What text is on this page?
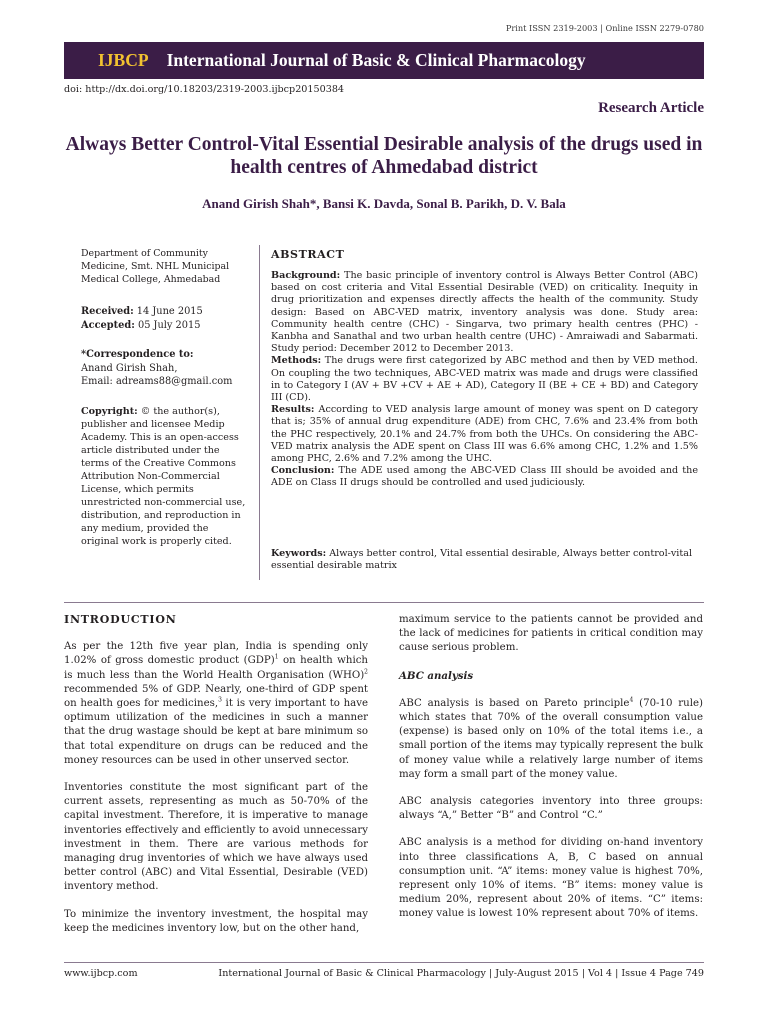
Print ISSN 2319-2003 | Online ISSN 2279-0780
IJBCP International Journal of Basic & Clinical Pharmacology
doi: http://dx.doi.org/10.18203/2319-2003.ijbcp20150384
Research Article
Always Better Control-Vital Essential Desirable analysis of the drugs used in health centres of Ahmedabad district
Anand Girish Shah*, Bansi K. Davda, Sonal B. Parikh, D. V. Bala
Department of Community Medicine, Smt. NHL Municipal Medical College, Ahmedabad
Received: 14 June 2015
Accepted: 05 July 2015
*Correspondence to:
Anand Girish Shah,
Email: adreams88@gmail.com
Copyright: © the author(s), publisher and licensee Medip Academy. This is an open-access article distributed under the terms of the Creative Commons Attribution Non-Commercial License, which permits unrestricted non-commercial use, distribution, and reproduction in any medium, provided the original work is properly cited.
ABSTRACT
Background: The basic principle of inventory control is Always Better Control (ABC) based on cost criteria and Vital Essential Desirable (VED) on criticality. Inequity in drug prioritization and expenses directly affects the health of the community. Study design: Based on ABC-VED matrix, inventory analysis was done. Study area: Community health centre (CHC) - Singarva, two primary health centres (PHC) - Kanbha and Sanathal and two urban health centre (UHC) - Amraiwadi and Sabarmati. Study period: December 2012 to December 2013.
Methods: The drugs were first categorized by ABC method and then by VED method. On coupling the two techniques, ABC-VED matrix was made and drugs were classified in to Category I (AV + BV +CV + AE + AD), Category II (BE + CE + BD) and Category III (CD).
Results: According to VED analysis large amount of money was spent on D category that is; 35% of annual drug expenditure (ADE) from CHC, 7.6% and 23.4% from both the PHC respectively, 20.1% and 24.7% from both the UHCs. On considering the ABC-VED matrix analysis the ADE spent on Class III was 6.6% among CHC, 1.2% and 1.5% among PHC, 2.6% and 7.2% among the UHC.
Conclusion: The ADE used among the ABC-VED Class III should be avoided and the ADE on Class II drugs should be controlled and used judiciously.
Keywords: Always better control, Vital essential desirable, Always better control-vital essential desirable matrix
INTRODUCTION

As per the 12th five year plan, India is spending only 1.02% of gross domestic product (GDP)$^1$ on health which is much less than the World Health Organisation (WHO)$^2$ recommended 5% of GDP. Nearly, one-third of GDP spent on health goes for medicines,$^3$ it is very important to have optimum utilization of the medicines in such a manner that the drug wastage should be kept at bare minimum so that total expenditure on drugs can be reduced and the money resources can be used in other unserved sector.

Inventories constitute the most significant part of the current assets, representing as much as 50-70% of the capital investment. Therefore, it is imperative to manage inventories effectively and efficiently to avoid unnecessary investment in them. There are various methods for managing drug inventories of which we have always used better control (ABC) and Vital Essential, Desirable (VED) inventory method.

To minimize the inventory investment, the hospital may keep the medicines inventory low, but on the other hand,

maximum service to the patients cannot be provided and the lack of medicines for patients in critical condition may cause serious problem.
ABC analysis

ABC analysis is based on Pareto principle$^4$ (70-10 rule) which states that 70% of the overall consumption value (expense) is based only on 10% of the total items i.e., a small portion of the items may typically represent the bulk of money value while a relatively large number of items may form a small part of the money value.

ABC analysis categories inventory into three groups: always “A,” Better “B” and Control “C.”

ABC analysis is a method for dividing on-hand inventory into three classifications A, B, C based on annual consumption unit. “A” items: money value is highest 70%, represent only 10% of items. “B” items: money value is medium 20%, represent about 20% of items. “C” items: money value is lowest 10% represent about 70% of items.

www.ijbcp.com	International Journal of Basic & Clinical Pharmacology | July-August 2015 | Vol 4 | Issue 4 Page 749
